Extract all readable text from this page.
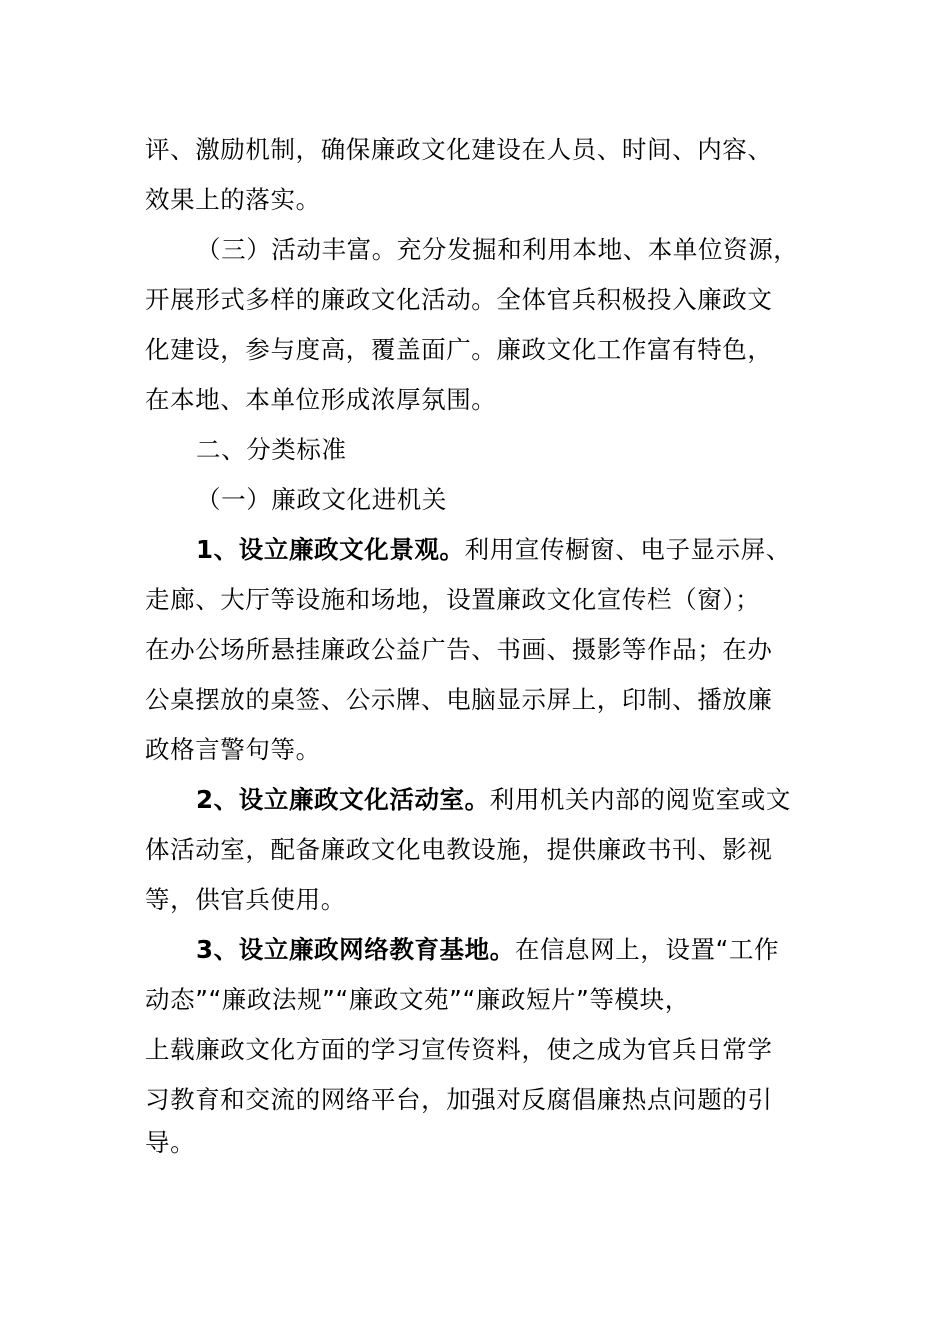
评、激励机制，确保廉政文化建设在人员、时间、内容、
效果上的落实。
（三）活动丰富。充分发掘和利用本地、本单位资源，
开展形式多样的廉政文化活动。全体官兵积极投入廉政文
化建设，参与度高，覆盖面广。廉政文化工作富有特色，
在本地、本单位形成浓厚氛围。
二、分类标准
（一）廉政文化进机关
1、设立廉政文化景观。利用宣传橱窗、电子显示屏、
走廊、大厅等设施和场地，设置廉政文化宣传栏（窗）；
在办公场所悬挂廉政公益广告、书画、摄影等作品；在办
公桌摆放的桌签、公示牌、电脑显示屏上，印制、播放廉
政格言警句等。
2、设立廉政文化活动室。利用机关内部的阅览室或文
体活动室，配备廉政文化电教设施，提供廉政书刊、影视
等，供官兵使用。
3、设立廉政网络教育基地。在信息网上，设置“工作
动态”“廉政法规”“廉政文苑”“廉政短片”等模块，
上载廉政文化方面的学习宣传资料，使之成为官兵日常学
习教育和交流的网络平台，加强对反腐倡廉热点问题的引
导。
